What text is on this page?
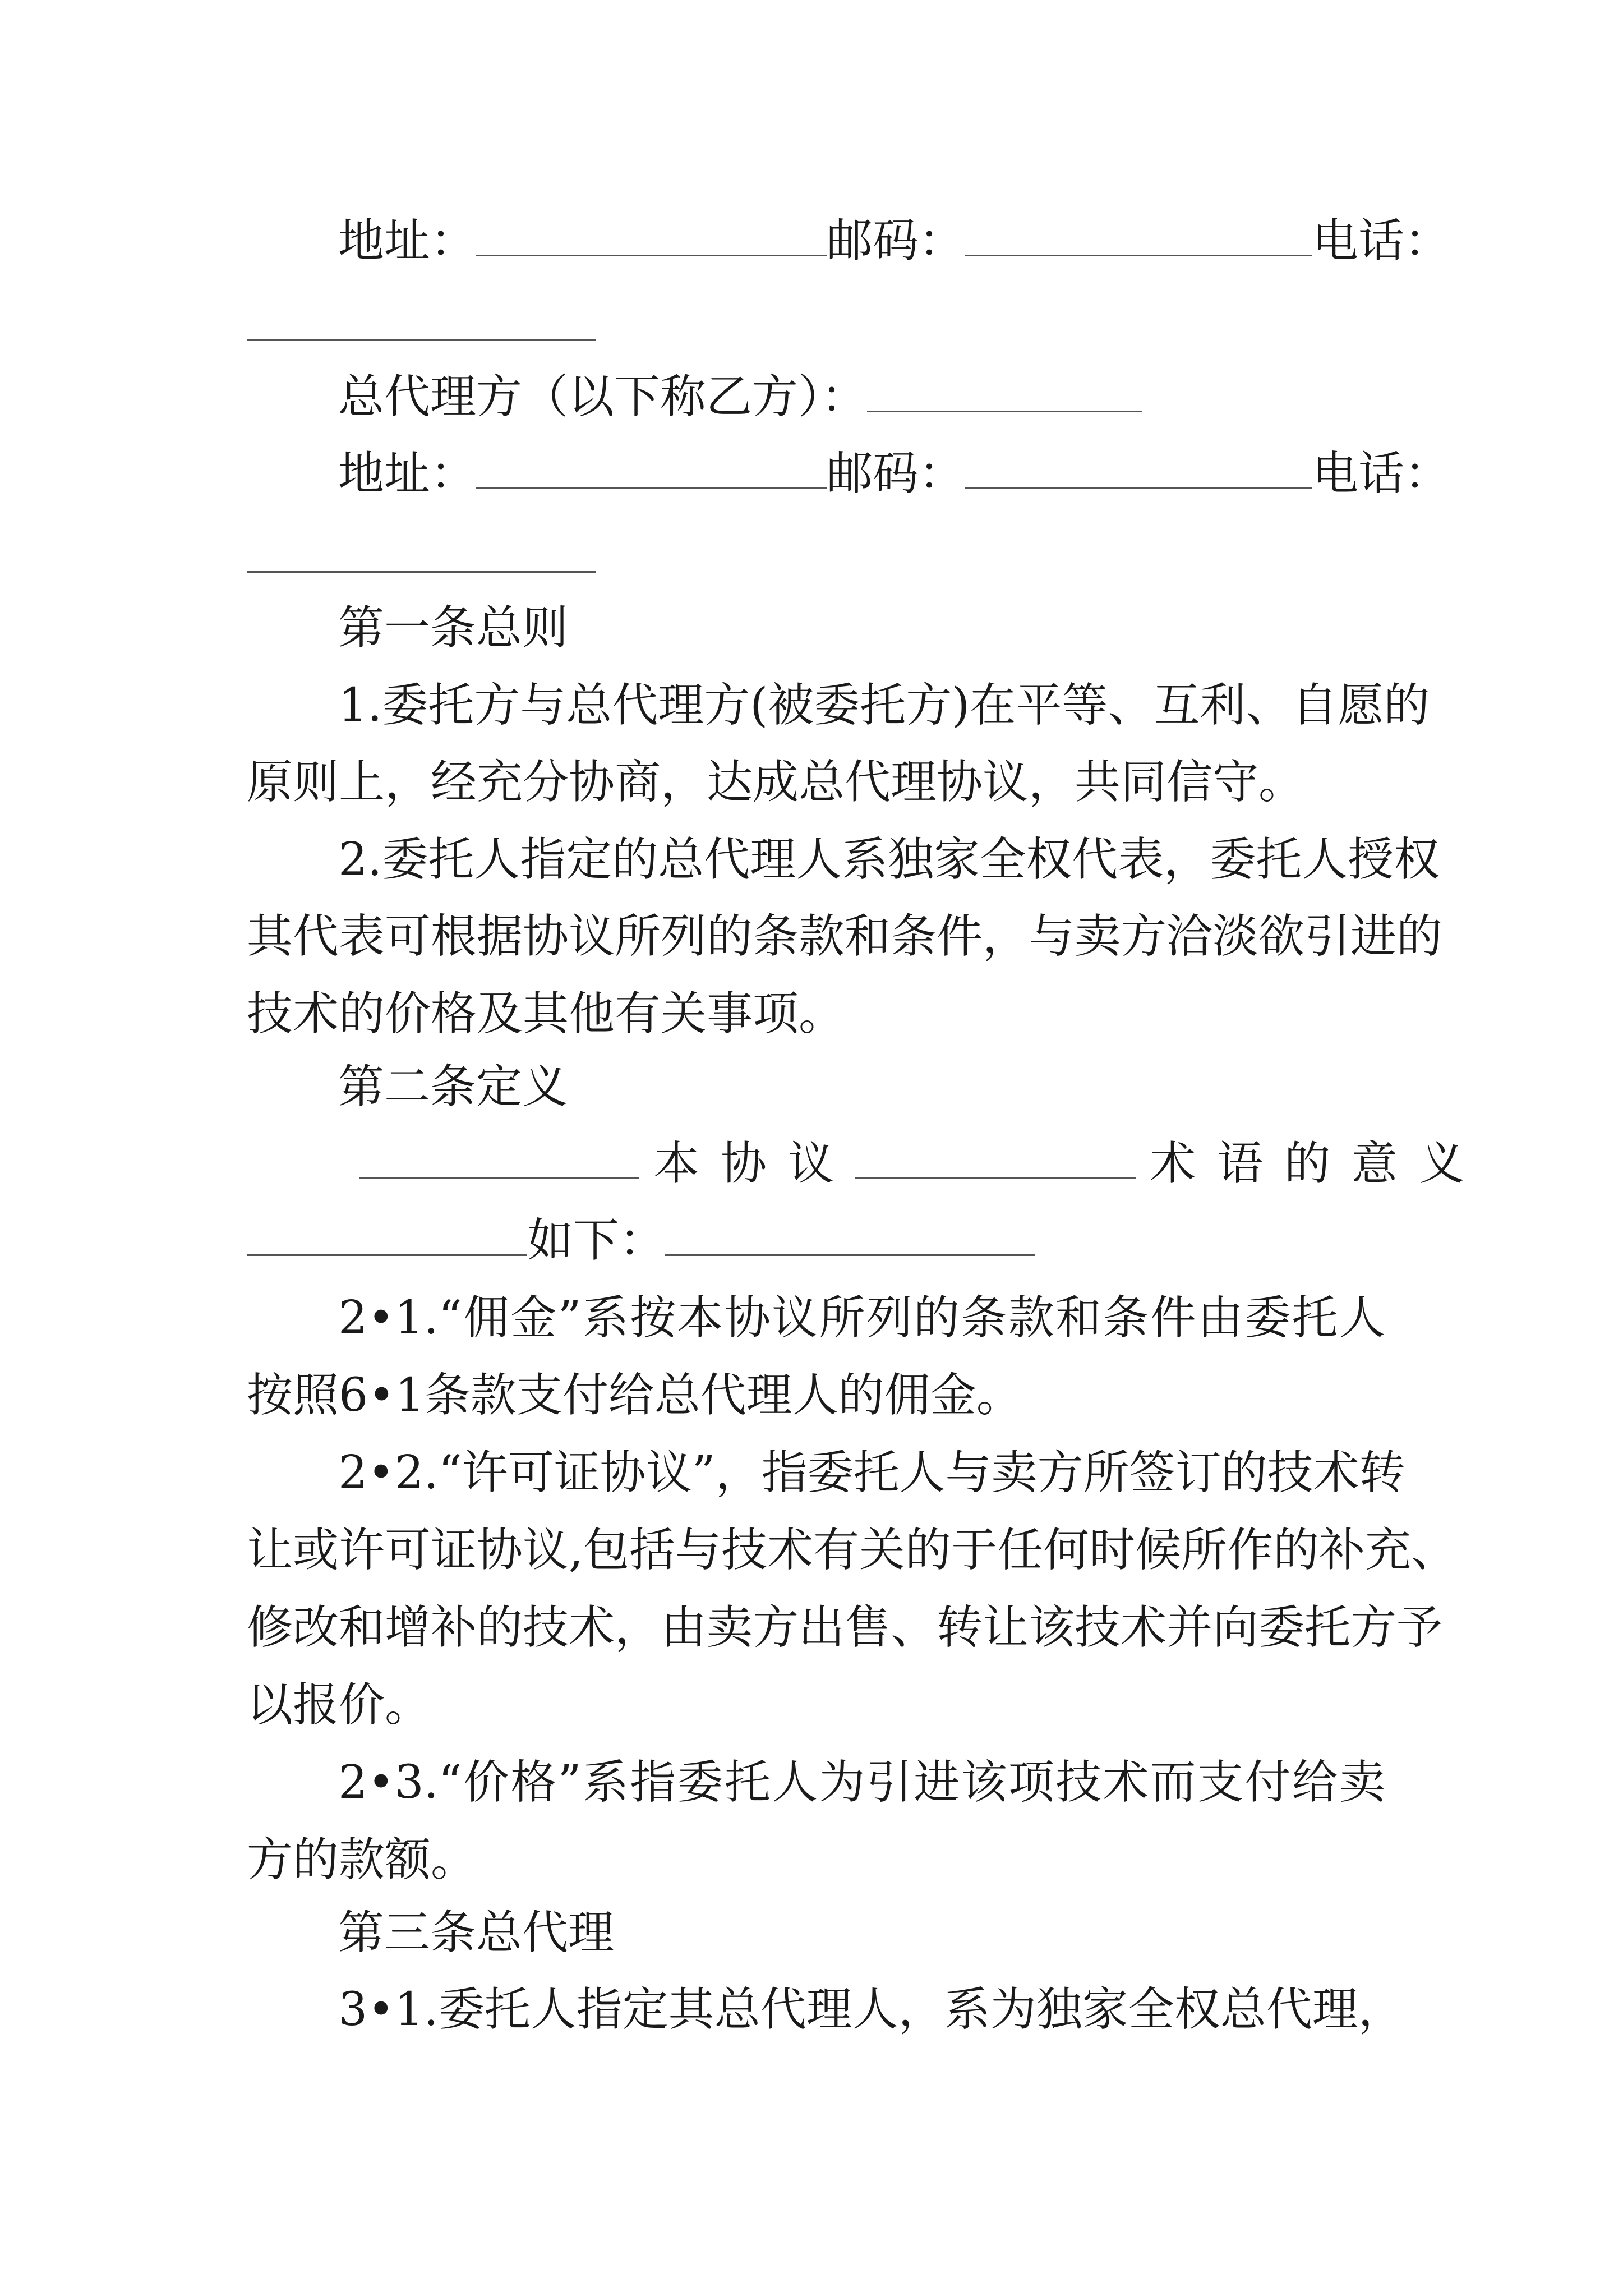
地址：	邮码：	电话：
总代理方（以下称乙方）：
地址：	邮码：	电话：
第一条总则
1.委托方与总代理方(被委托方)在平等、互利、自愿的
原则上，经充分协商，达成总代理协议，共同信守。
2.委托人指定的总代理人系独家全权代表，委托人授权
其代表可根据协议所列的条款和条件，与卖方洽淡欲引进的
技术的价格及其他有关事项。
第二条定义
本协议	术语的意义
如下：
2•1.“佣金”系按本协议所列的条款和条件由委托人
按照6•1条款支付给总代理人的佣金。
2•2.“许可证协议”，指委托人与卖方所签订的技术转
让或许可证协议,包括与技术有关的于任何时候所作的补充、
修改和增补的技术，由卖方出售、转让该技术并向委托方予
以报价。
2•3.“价格”系指委托人为引进该项技术而支付给卖
方的款额。
第三条总代理
3•1.委托人指定其总代理人，系为独家全权总代理，
